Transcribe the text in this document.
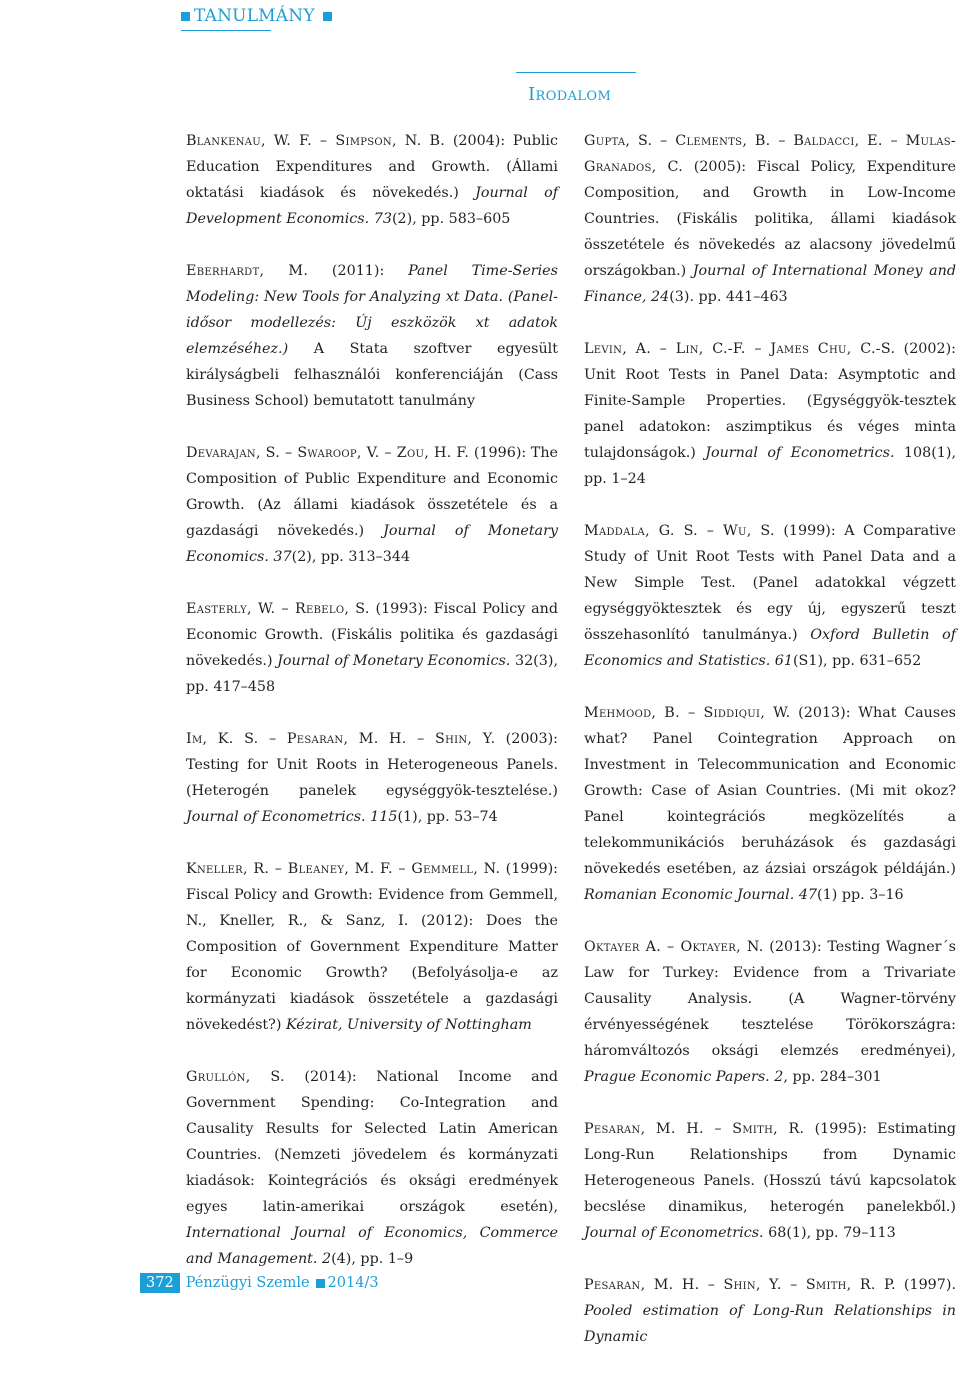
TANULMÁNY
Irodalom

Blankenau, W. F. – Simpson, N. B. (2004): Public Education Expenditures and Growth. (Állami oktatási kiadások és növekedés.) Journal of Development Economics. 73(2), pp. 583–605

Eberhardt, M. (2011): Panel Time-Series Modeling: New Tools for Analyzing xt Data. (Panel-idősor modellezés: Új eszközök xt adatok elemzéséhez.) A Stata szoftver egyesült királyságbeli felhasználói konferenciáján (Cass Business School) bemutatott tanulmány

Devarajan, S. – Swaroop, V. – Zou, H. F. (1996): The Composition of Public Expenditure and Economic Growth. (Az állami kiadások összetétele és a gazdasági növekedés.) Journal of Monetary Economics. 37(2), pp. 313–344

Easterly, W. – Rebelo, S. (1993): Fiscal Policy and Economic Growth. (Fiskális politika és gazdasági növekedés.) Journal of Monetary Economics. 32(3), pp. 417–458

Im, K. S. – Pesaran, M. H. – Shin, Y. (2003): Testing for Unit Roots in Heterogeneous Panels. (Heterogén panelek egységgyök-tesztelése.) Journal of Econometrics. 115(1), pp. 53–74

Kneller, R. – Bleaney, M. F. – Gemmell, N. (1999): Fiscal Policy and Growth: Evidence from Gemmell, N., Kneller, R., & Sanz, I. (2012): Does the Composition of Government Expenditure Matter for Economic Growth? (Befolyásolja-e az kormányzati kiadások összetétele a gazdasági növekedést?) Kézirat, University of Nottingham

Grullón, S. (2014): National Income and Government Spending: Co-Integration and Causality Results for Selected Latin American Countries. (Nemzeti jövedelem és kormányzati kiadások: Kointegrációs és oksági eredmények egyes latin-amerikai országok esetén), International Journal of Economics, Commerce and Management. 2(4), pp. 1–9

Gupta, S. – Clements, B. – Baldacci, E. – Mulas-Granados, C. (2005): Fiscal Policy, Expenditure Composition, and Growth in Low-Income Countries. (Fiskális politika, állami kiadások összetétele és növekedés az alacsony jövedelmű országokban.) Journal of International Money and Finance, 24(3). pp. 441–463

Levin, A. – Lin, C.-F. – James Chu, C.-S. (2002): Unit Root Tests in Panel Data: Asymptotic and Finite-Sample Properties. (Egységgyök-tesztek panel adatokon: aszimptikus és véges minta tulajdonságok.) Journal of Econometrics. 108(1), pp. 1–24

Maddala, G. S. – Wu, S. (1999): A Comparative Study of Unit Root Tests with Panel Data and a New Simple Test. (Panel adatokkal végzett egységgyöktesztek és egy új, egyszerű teszt összehasonlító tanulmánya.) Oxford Bulletin of Economics and Statistics. 61(S1), pp. 631–652

Mehmood, B. – Siddiqui, W. (2013): What Causes what? Panel Cointegration Approach on Investment in Telecommunication and Economic Growth: Case of Asian Countries. (Mi mit okoz? Panel kointegrációs megközelítés a telekommunikációs beruházások és gazdasági növekedés esetében, az ázsiai országok példáján.) Romanian Economic Journal. 47(1) pp. 3–16

Oktayer A. – Oktayer, N. (2013): Testing Wagner´s Law for Turkey: Evidence from a Trivariate Causality Analysis. (A Wagner-törvény érvényességének tesztelése Törökországra: háromváltozós oksági elemzés eredményei), Prague Economic Papers. 2, pp. 284–301

Pesaran, M. H. – Smith, R. (1995): Estimating Long-Run Relationships from Dynamic Heterogeneous Panels. (Hosszú távú kapcsolatok becslése dinamikus, heterogén panelekből.) Journal of Econometrics. 68(1), pp. 79–113

Pesaran, M. H. – Shin, Y. – Smith, R. P. (1997). Pooled estimation of Long-Run Relationships in Dynamic

372 Pénzügyi Szemle 2014/3
